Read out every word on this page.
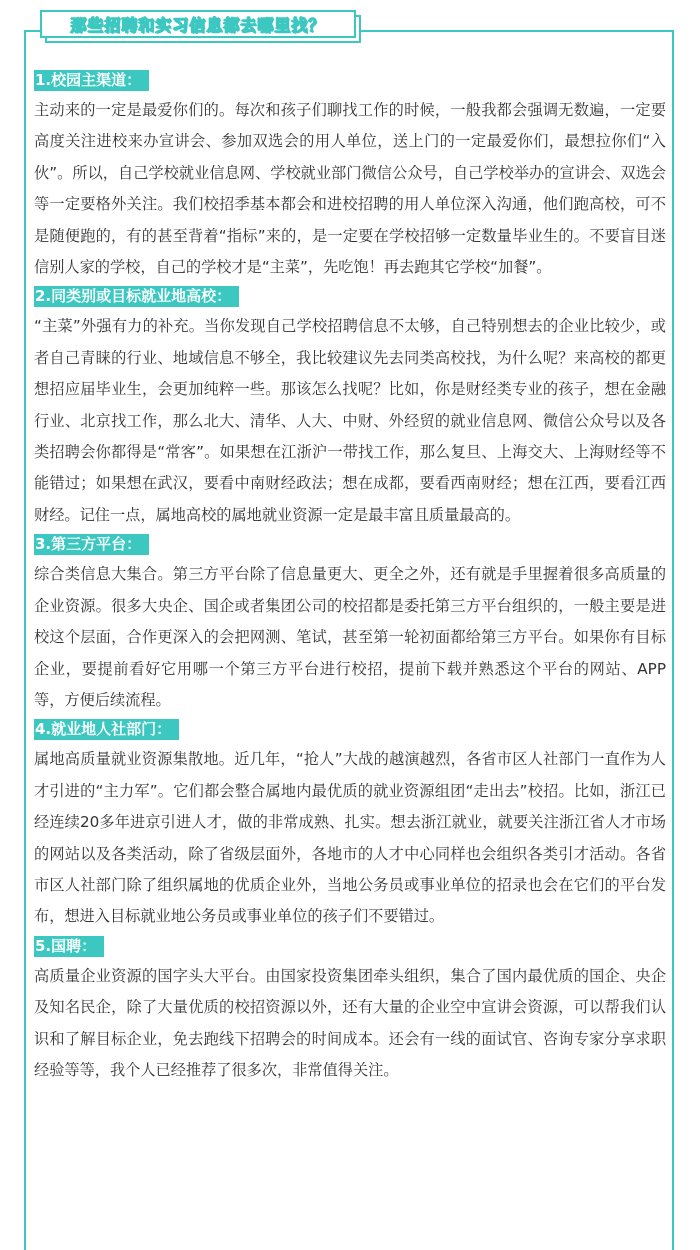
那些招聘和实习信息都去哪里找？
1.校园主渠道：

主动来的一定是最爱你们的。每次和孩子们聊找工作的时候，一般我都会强调无数遍，一定要高度关注进校来办宣讲会、参加双选会的用人单位，送上门的一定最爱你们，最想拉你们“入伙”。所以，自己学校就业信息网、学校就业部门微信公众号，自己学校举办的宣讲会、双选会等一定要格外关注。我们校招季基本都会和进校招聘的用人单位深入沟通，他们跑高校，可不是随便跑的，有的甚至背着“指标”来的，是一定要在学校招够一定数量毕业生的。不要盲目迷信别人家的学校，自己的学校才是“主菜”，先吃饱！再去跑其它学校“加餐”。

2.同类别或目标就业地高校：

“主菜”外强有力的补充。当你发现自己学校招聘信息不太够，自己特别想去的企业比较少，或者自己青睐的行业、地域信息不够全，我比较建议先去同类高校找，为什么呢？来高校的都更想招应届毕业生，会更加纯粹一些。那该怎么找呢？比如，你是财经类专业的孩子，想在金融行业、北京找工作，那么北大、清华、人大、中财、外经贸的就业信息网、微信公众号以及各类招聘会你都得是“常客”。如果想在江浙沪一带找工作，那么复旦、上海交大、上海财经等不能错过；如果想在武汉，要看中南财经政法；想在成都，要看西南财经；想在江西，要看江西财经。记住一点，属地高校的属地就业资源一定是最丰富且质量最高的。

3.第三方平台：

综合类信息大集合。第三方平台除了信息量更大、更全之外，还有就是手里握着很多高质量的企业资源。很多大央企、国企或者集团公司的校招都是委托第三方平台组织的，一般主要是进校这个层面，合作更深入的会把网测、笔试，甚至第一轮初面都给第三方平台。如果你有目标企业，要提前看好它用哪一个第三方平台进行校招，提前下载并熟悉这个平台的网站、APP等，方便后续流程。

4.就业地人社部门：

属地高质量就业资源集散地。近几年，“抢人”大战的越演越烈，各省市区人社部门一直作为人才引进的“主力军”。它们都会整合属地内最优质的就业资源组团“走出去”校招。比如，浙江已经连续20多年进京引进人才，做的非常成熟、扎实。想去浙江就业，就要关注浙江省人才市场的网站以及各类活动，除了省级层面外，各地市的人才中心同样也会组织各类引才活动。各省市区人社部门除了组织属地的优质企业外，当地公务员或事业单位的招录也会在它们的平台发布，想进入目标就业地公务员或事业单位的孩子们不要错过。

5.国聘：

高质量企业资源的国字头大平台。由国家投资集团牵头组织，集合了国内最优质的国企、央企及知名民企，除了大量优质的校招资源以外，还有大量的企业空中宣讲会资源，可以帮我们认识和了解目标企业，免去跑线下招聘会的时间成本。还会有一线的面试官、咨询专家分享求职经验等等，我个人已经推荐了很多次，非常值得关注。
